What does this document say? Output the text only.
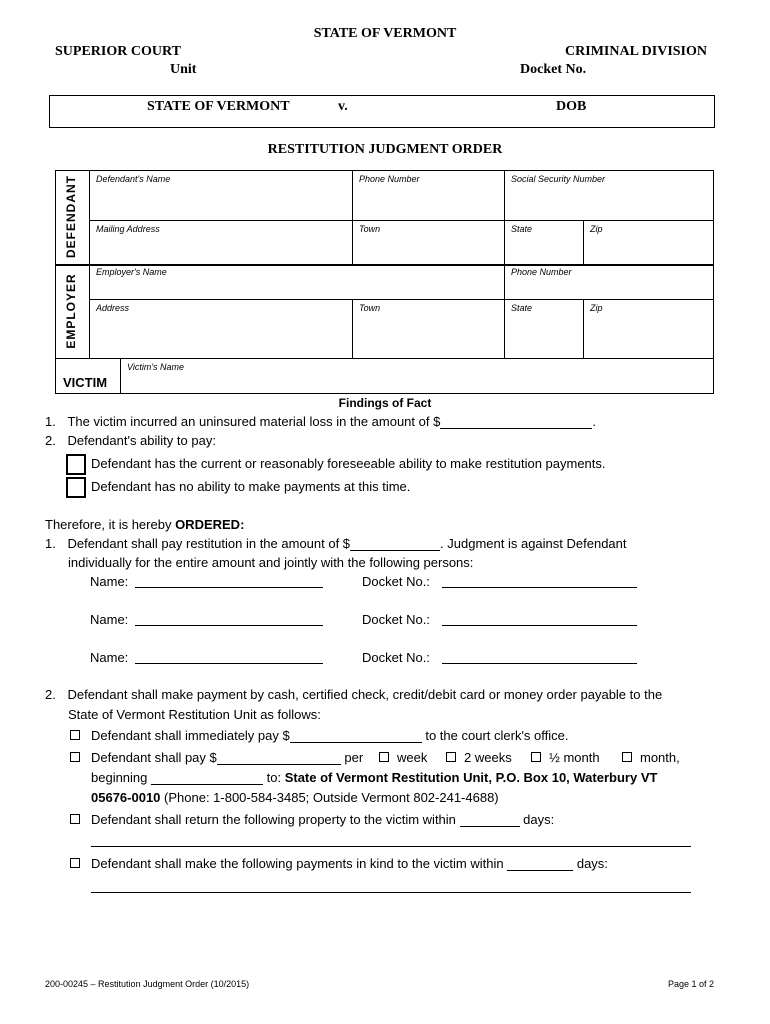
STATE OF VERMONT
SUPERIOR COURT
Unit
CRIMINAL DIVISION
Docket No.
STATE OF VERMONT	v.	DOB
RESTITUTION JUDGMENT ORDER
DEFENDANT
EMPLOYER
VICTIM
Defendant's Name	Phone Number	Social Security Number
Mailing Address	Town	State	Zip
Employer's Name	Phone Number
Address	Town	State	Zip
Victim's Name
Findings of Fact
1. The victim incurred an uninsured material loss in the amount of $	.
2. Defendant's ability to pay:
Defendant has the current or reasonably foreseeable ability to make restitution payments.
Defendant has no ability to make payments at this time.
Therefore, it is hereby ORDERED:
1. Defendant shall pay restitution in the amount of $	. Judgment is against Defendant
individually for the entire amount and jointly with the following persons:
Name:	Docket No.:
Name:	Docket No.:
Name:	Docket No.:
2. Defendant shall make payment by cash, certified check, credit/debit card or money order payable to the
State of Vermont Restitution Unit as follows:
Defendant shall immediately pay $	to the court clerk's office.
Defendant shall pay $	per	week	2 weeks	½ month	month,
beginning	to: State of Vermont Restitution Unit, P.O. Box 10, Waterbury VT
05676-0010 (Phone: 1-800-584-3485; Outside Vermont 802-241-4688)
Defendant shall return the following property to the victim within	days:
Defendant shall make the following payments in kind to the victim within	days:
200-00245 – Restitution Judgment Order (10/2015)	Page 1 of 2
